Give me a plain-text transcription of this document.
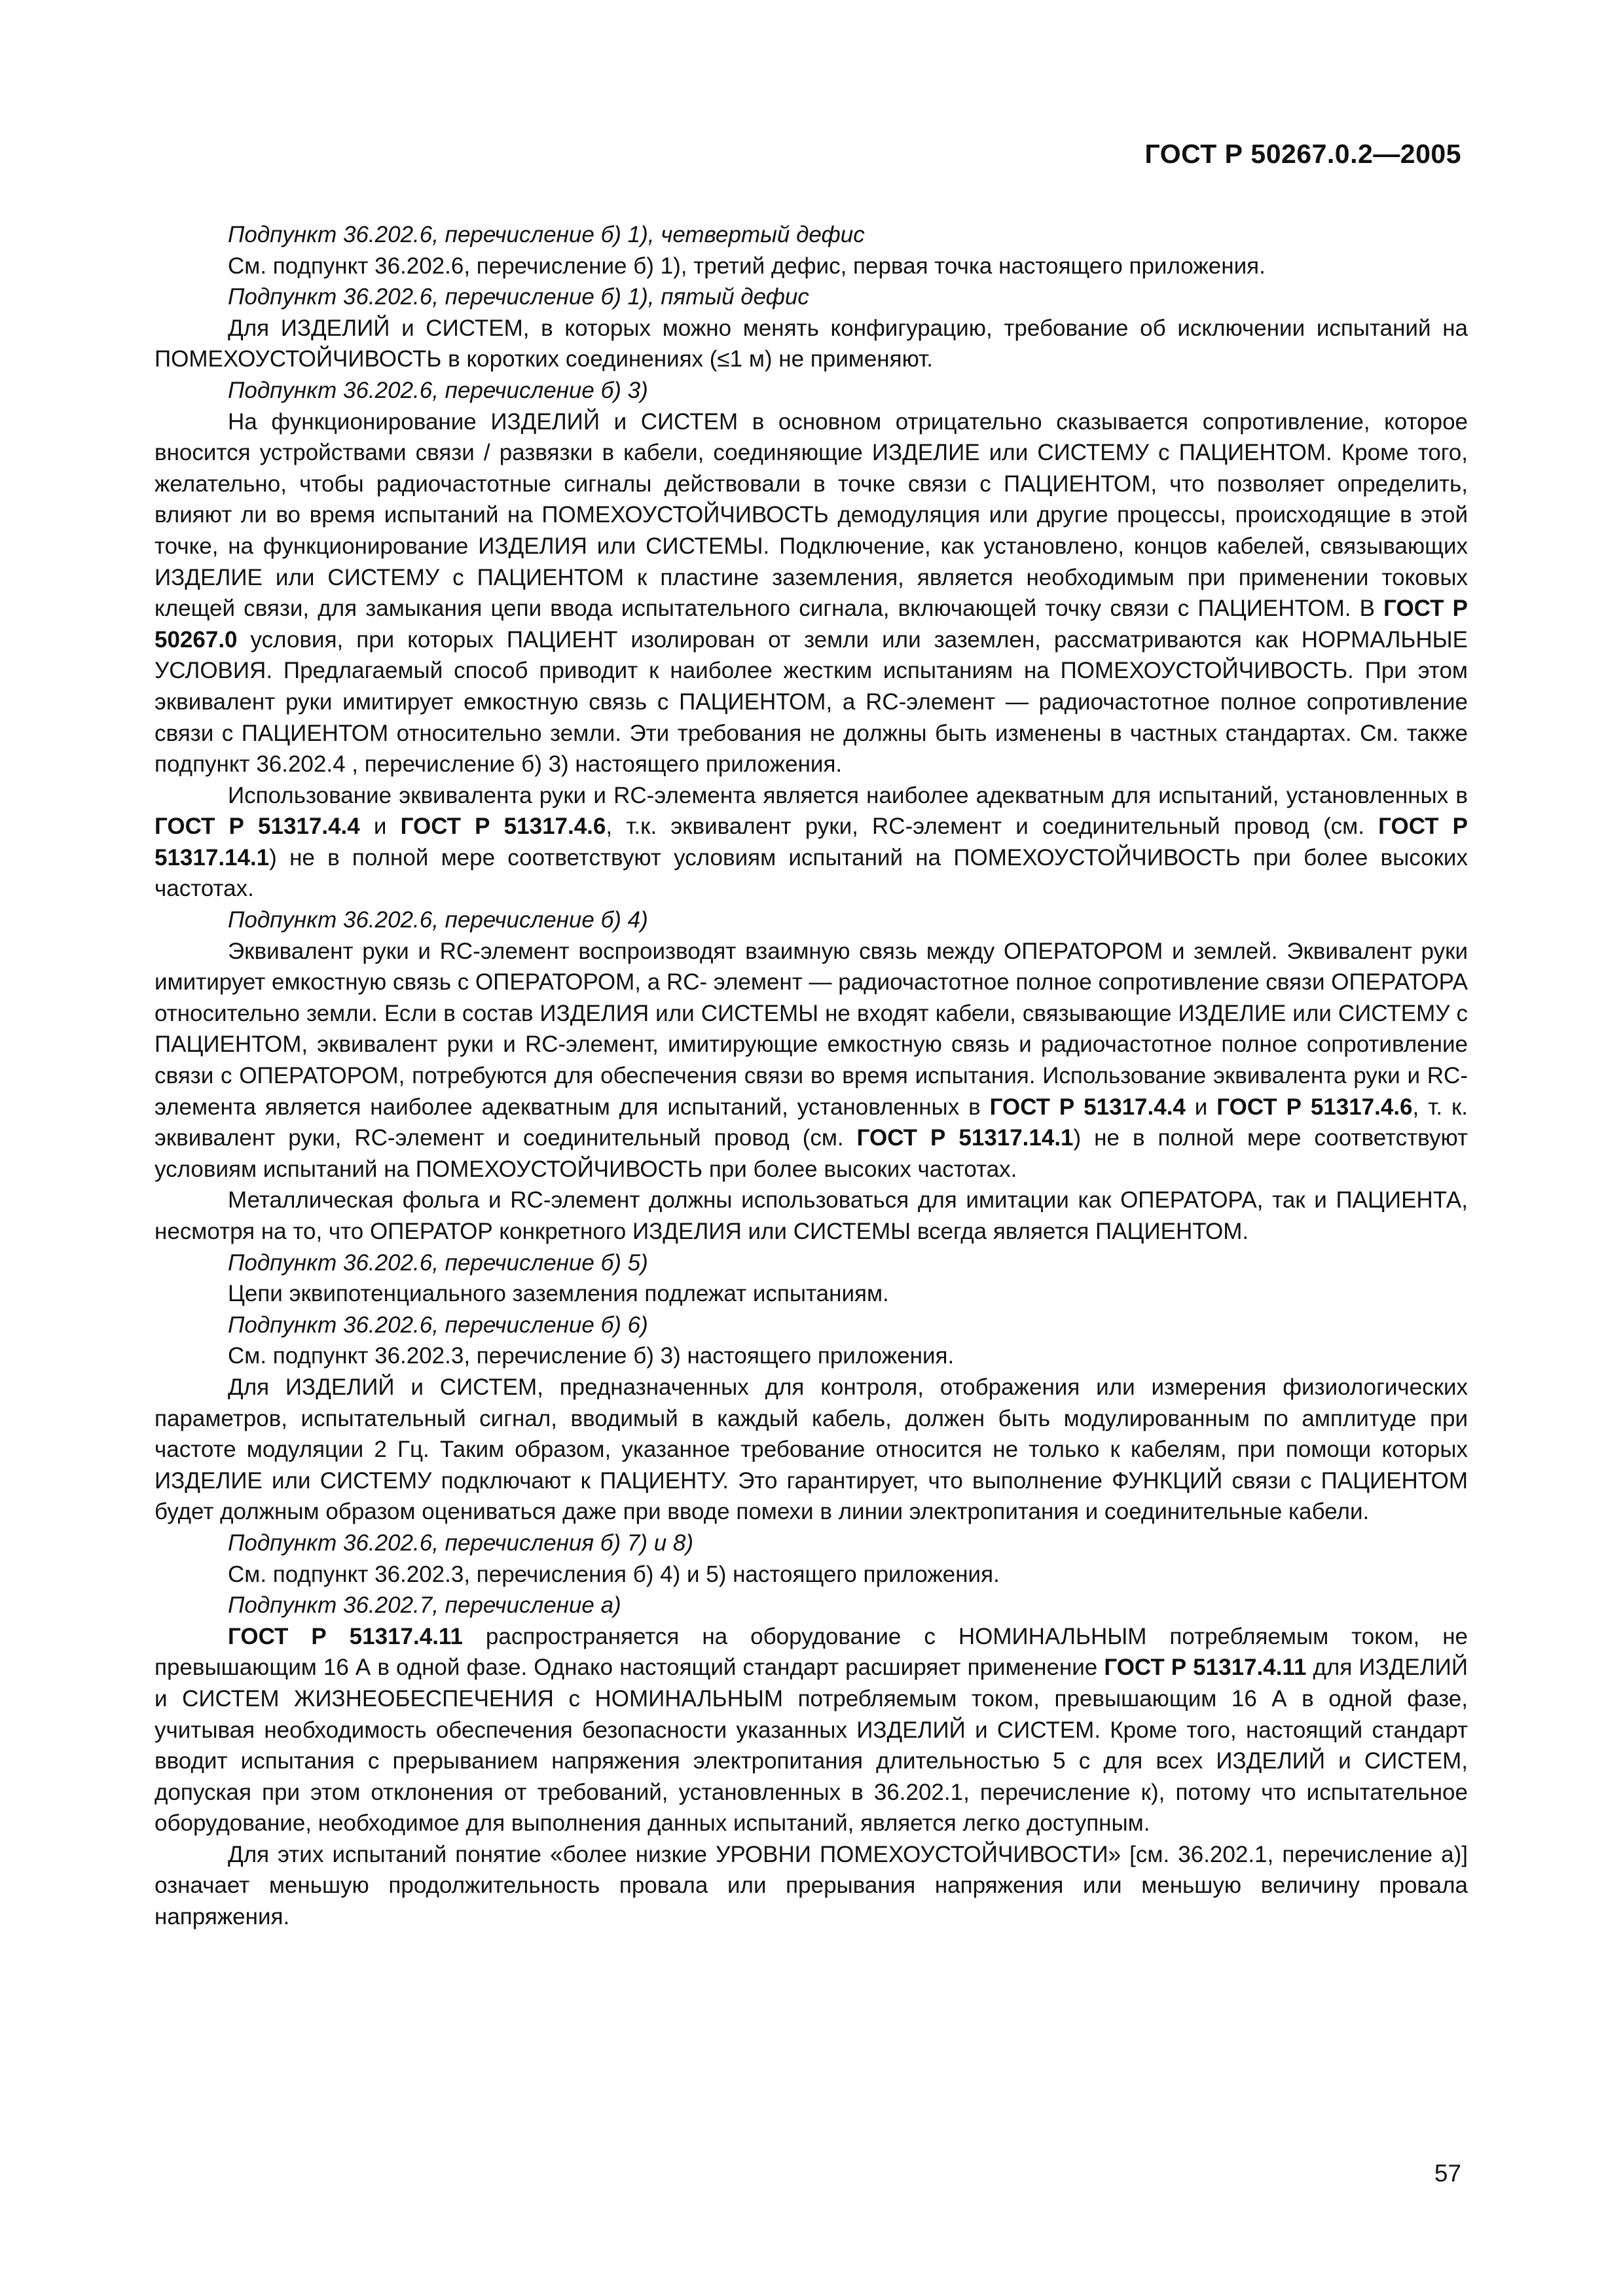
ГОСТ Р 50267.0.2—2005

Подпункт 36.202.6, перечисление б) 1), четвертый дефис

См. подпункт 36.202.6, перечисление б) 1), третий дефис, первая точка настоящего приложения.

Подпункт 36.202.6, перечисление б) 1), пятый дефис

Для ИЗДЕЛИЙ и СИСТЕМ, в которых можно менять конфигурацию, требование об исключении испытаний на ПОМЕХОУСТОЙЧИВОСТЬ в коротких соединениях (≤1 м) не применяют.

Подпункт 36.202.6, перечисление б) 3)

На функционирование ИЗДЕЛИЙ и СИСТЕМ в основном отрицательно сказывается сопротивление, которое вносится устройствами связи / развязки в кабели, соединяющие ИЗДЕЛИЕ или СИСТЕМУ с ПАЦИЕНТОМ. Кроме того, желательно, чтобы радиочастотные сигналы действовали в точке связи с ПАЦИЕНТОМ, что позволяет определить, влияют ли во время испытаний на ПОМЕХОУСТОЙЧИВОСТЬ демодуляция или другие процессы, происходящие в этой точке, на функционирование ИЗДЕЛИЯ или СИСТЕМЫ. Подключение, как установлено, концов кабелей, связывающих ИЗДЕЛИЕ или СИСТЕМУ с ПАЦИЕНТОМ к пластине заземления, является необходимым при применении токовых клещей связи, для замыкания цепи ввода испытательного сигнала, включающей точку связи с ПАЦИЕНТОМ. В ГОСТ Р 50267.0 условия, при которых ПАЦИЕНТ изолирован от земли или заземлен, рассматриваются как НОРМАЛЬНЫЕ УСЛОВИЯ. Предлагаемый способ приводит к наиболее жестким испытаниям на ПОМЕХОУСТОЙЧИВОСТЬ. При этом эквивалент руки имитирует емкостную связь с ПАЦИЕНТОМ, а RC-элемент — радиочастотное полное сопротивление связи с ПАЦИЕНТОМ относительно земли. Эти требования не должны быть изменены в частных стандартах. См. также подпункт 36.202.4 , перечисление б) 3) настоящего приложения.

Использование эквивалента руки и RC-элемента является наиболее адекватным для испытаний, установленных в ГОСТ Р 51317.4.4 и ГОСТ Р 51317.4.6, т.к. эквивалент руки, RC-элемент и соединительный провод (см. ГОСТ Р 51317.14.1) не в полной мере соответствуют условиям испытаний на ПОМЕХОУСТОЙЧИВОСТЬ при более высоких частотах.

Подпункт 36.202.6, перечисление б) 4)

Эквивалент руки и RC-элемент воспроизводят взаимную связь между ОПЕРАТОРОМ и землей. Эквивалент руки имитирует емкостную связь с ОПЕРАТОРОМ, а RC- элемент — радиочастотное полное сопротивление связи ОПЕРАТОРА относительно земли. Если в состав ИЗДЕЛИЯ или СИСТЕМЫ не входят кабели, связывающие ИЗДЕЛИЕ или СИСТЕМУ с ПАЦИЕНТОМ, эквивалент руки и RC-элемент, имитирующие емкостную связь и радиочастотное полное сопротивление связи с ОПЕРАТОРОМ, потребуются для обеспечения связи во время испытания. Использование эквивалента руки и RC-элемента является наиболее адекватным для испытаний, установленных в ГОСТ Р 51317.4.4 и ГОСТ Р 51317.4.6, т. к. эквивалент руки, RC-элемент и соединительный провод (см. ГОСТ Р 51317.14.1) не в полной мере соответствуют условиям испытаний на ПОМЕХОУСТОЙЧИВОСТЬ при более высоких частотах.

Металлическая фольга и RC-элемент должны использоваться для имитации как ОПЕРАТОРА, так и ПАЦИЕНТА, несмотря на то, что ОПЕРАТОР конкретного ИЗДЕЛИЯ или СИСТЕМЫ всегда является ПАЦИЕНТОМ.

Подпункт 36.202.6, перечисление б) 5)

Цепи эквипотенциального заземления подлежат испытаниям.

Подпункт 36.202.6, перечисление б) 6)

См. подпункт 36.202.3, перечисление б) 3) настоящего приложения.

Для ИЗДЕЛИЙ и СИСТЕМ, предназначенных для контроля, отображения или измерения физиологических параметров, испытательный сигнал, вводимый в каждый кабель, должен быть модулированным по амплитуде при частоте модуляции 2 Гц. Таким образом, указанное требование относится не только к кабелям, при помощи которых ИЗДЕЛИЕ или СИСТЕМУ подключают к ПАЦИЕНТУ. Это гарантирует, что выполнение ФУНКЦИЙ связи с ПАЦИЕНТОМ будет должным образом оцениваться даже при вводе помехи в линии электропитания и соединительные кабели.

Подпункт 36.202.6, перечисления б) 7) и 8)

См. подпункт 36.202.3, перечисления б) 4) и 5) настоящего приложения.

Подпункт 36.202.7, перечисление а)

ГОСТ Р 51317.4.11 распространяется на оборудование с НОМИНАЛЬНЫМ потребляемым током, не превышающим 16 А в одной фазе. Однако настоящий стандарт расширяет применение ГОСТ Р 51317.4.11 для ИЗДЕЛИЙ и СИСТЕМ ЖИЗНЕОБЕСПЕЧЕНИЯ с НОМИНАЛЬНЫМ потребляемым током, превышающим 16 А в одной фазе, учитывая необходимость обеспечения безопасности указанных ИЗДЕЛИЙ и СИСТЕМ. Кроме того, настоящий стандарт вводит испытания с прерыванием напряжения электропитания длительностью 5 с для всех ИЗДЕЛИЙ и СИСТЕМ, допуская при этом отклонения от требований, установленных в 36.202.1, перечисление к), потому что испытательное оборудование, необходимое для выполнения данных испытаний, является легко доступным.

Для этих испытаний понятие «более низкие УРОВНИ ПОМЕХОУСТОЙЧИВОСТИ» [см. 36.202.1, перечисление а)] означает меньшую продолжительность провала или прерывания напряжения или меньшую величину провала напряжения.

57
